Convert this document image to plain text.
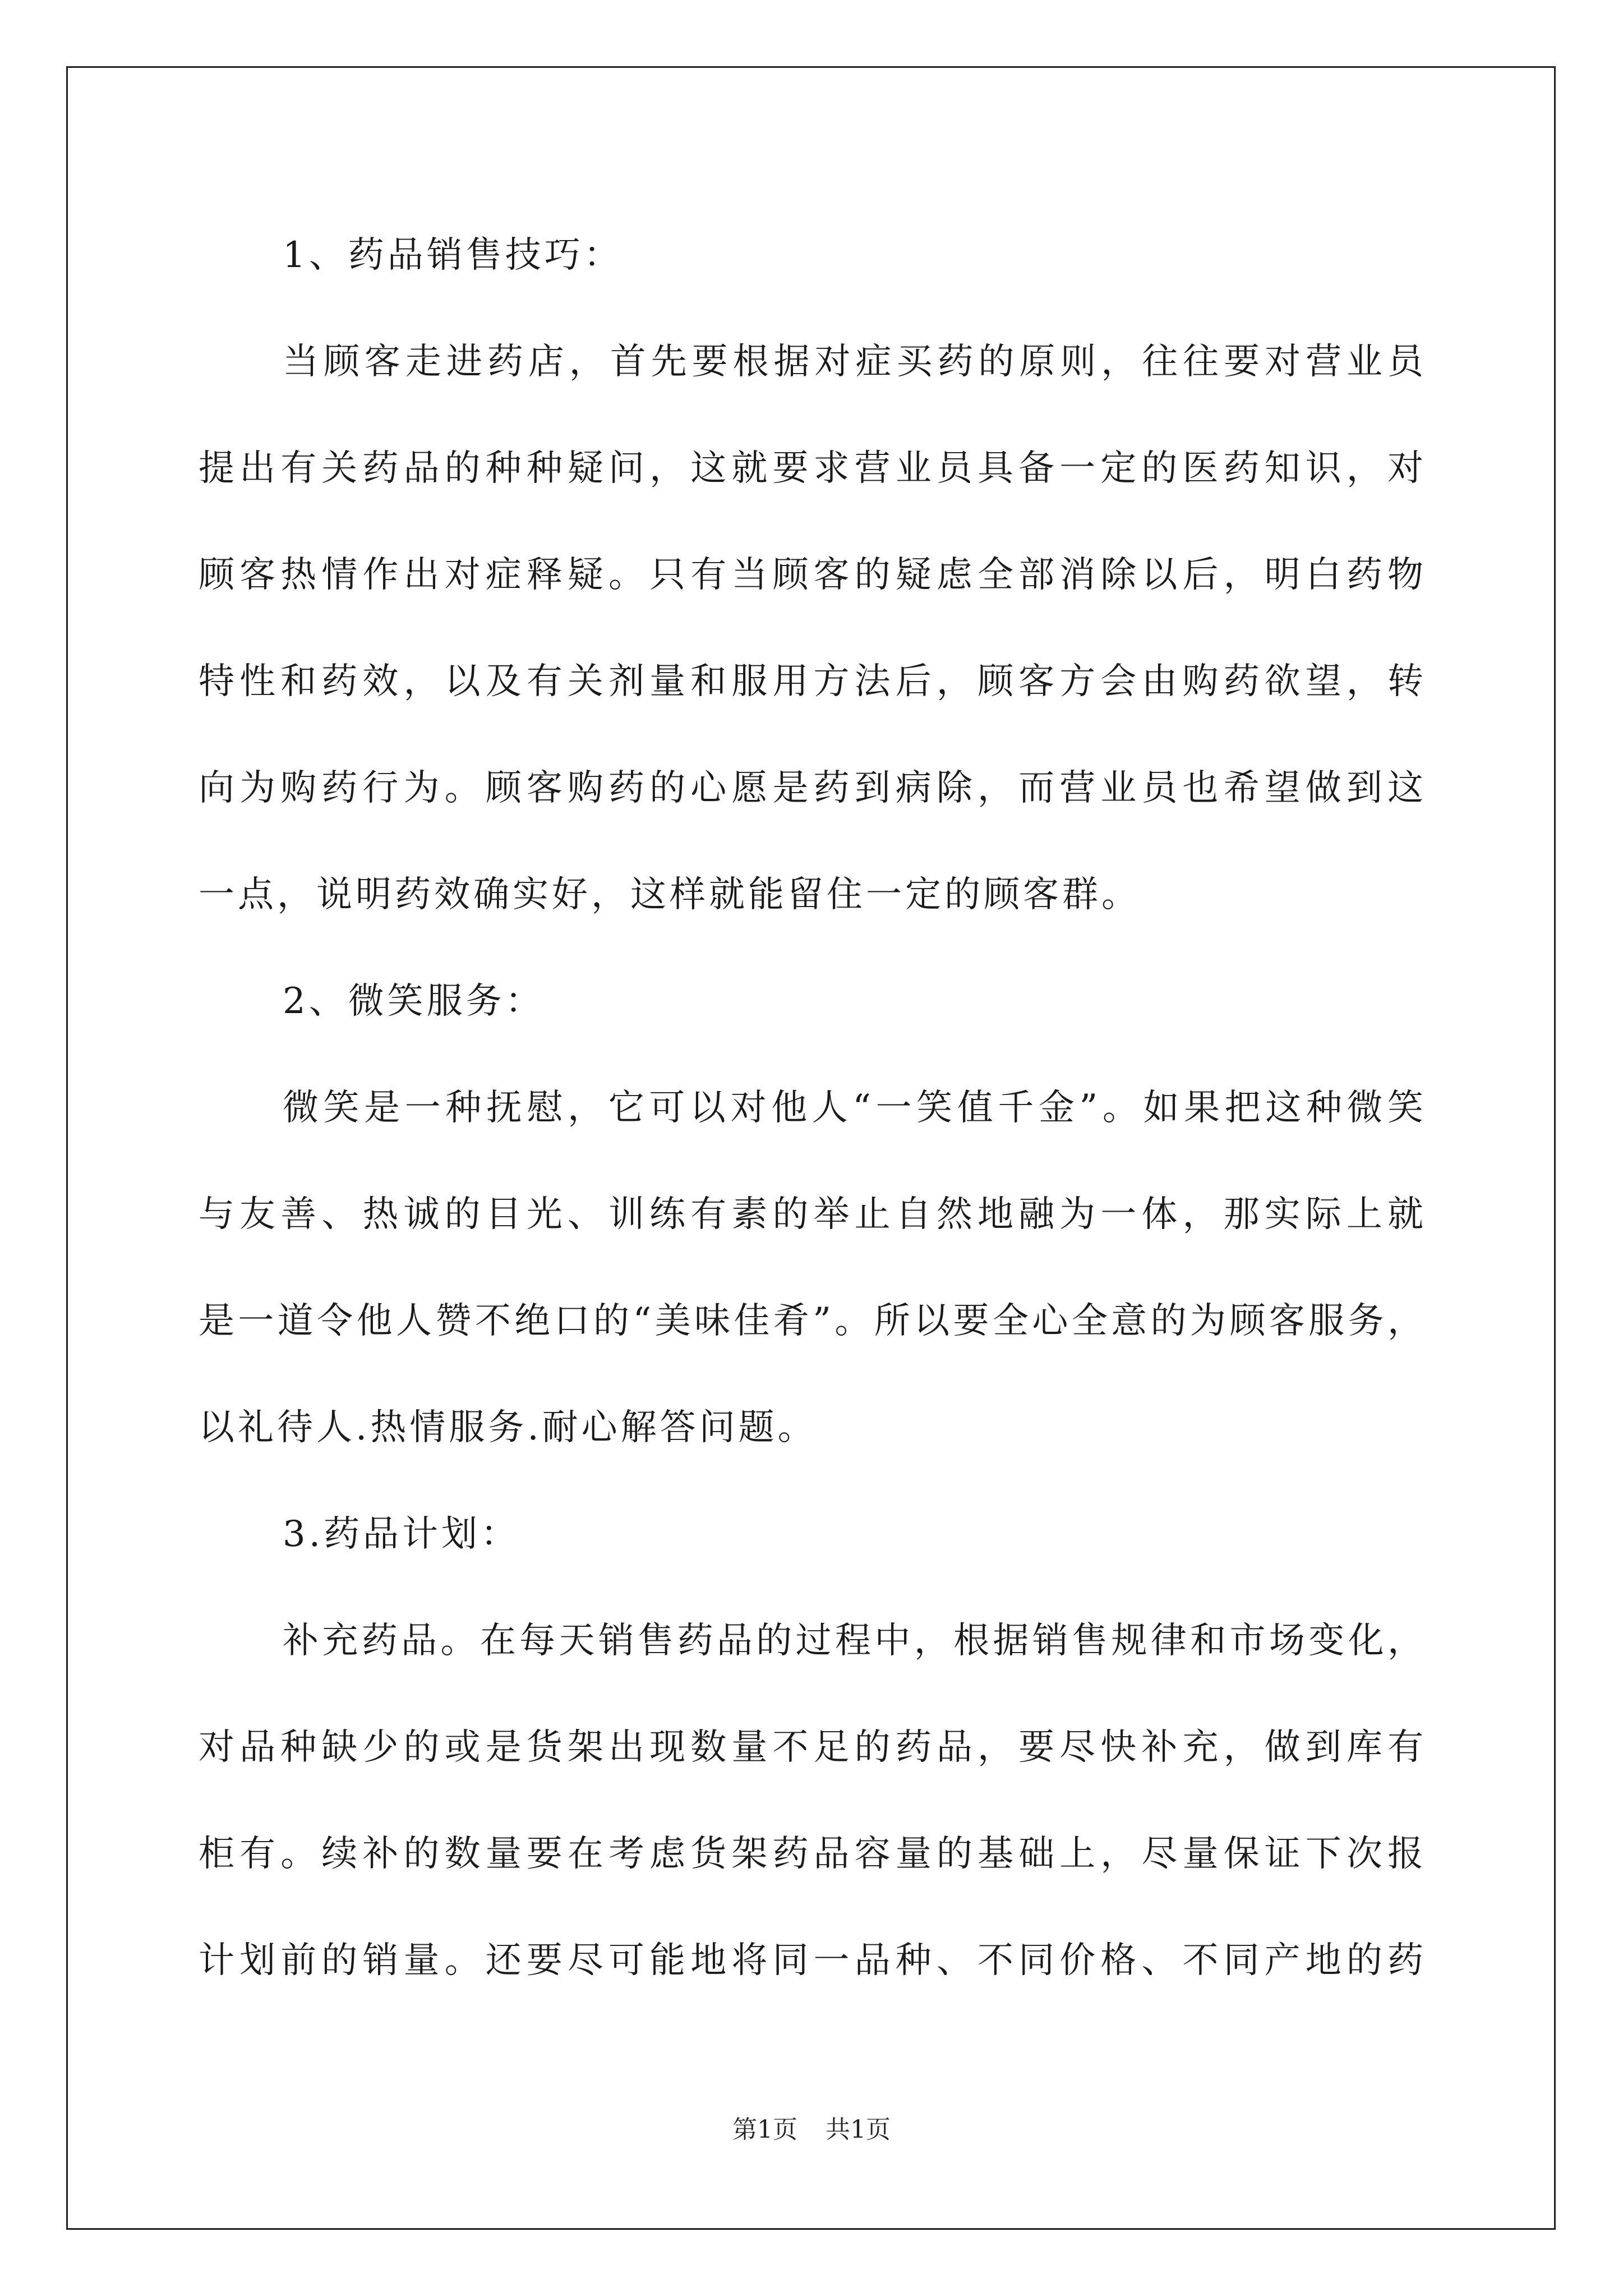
1、药品销售技巧：
当顾客走进药店，首先要根据对症买药的原则，往往要对营业员
提出有关药品的种种疑问，这就要求营业员具备一定的医药知识，对
顾客热情作出对症释疑。只有当顾客的疑虑全部消除以后，明白药物
特性和药效，以及有关剂量和服用方法后，顾客方会由购药欲望，转
向为购药行为。顾客购药的心愿是药到病除，而营业员也希望做到这
一点，说明药效确实好，这样就能留住一定的顾客群。
2、微笑服务：
微笑是一种抚慰，它可以对他人“一笑值千金”。如果把这种微笑
与友善、热诚的目光、训练有素的举止自然地融为一体，那实际上就
是一道令他人赞不绝口的“美味佳肴”。所以要全心全意的为顾客服务，
以礼待人.热情服务.耐心解答问题。
3.药品计划：
补充药品。在每天销售药品的过程中，根据销售规律和市场变化，
对品种缺少的或是货架出现数量不足的药品，要尽快补充，做到库有
柜有。续补的数量要在考虑货架药品容量的基础上，尽量保证下次报
计划前的销量。还要尽可能地将同一品种、不同价格、不同产地的药
第1页 共1页
